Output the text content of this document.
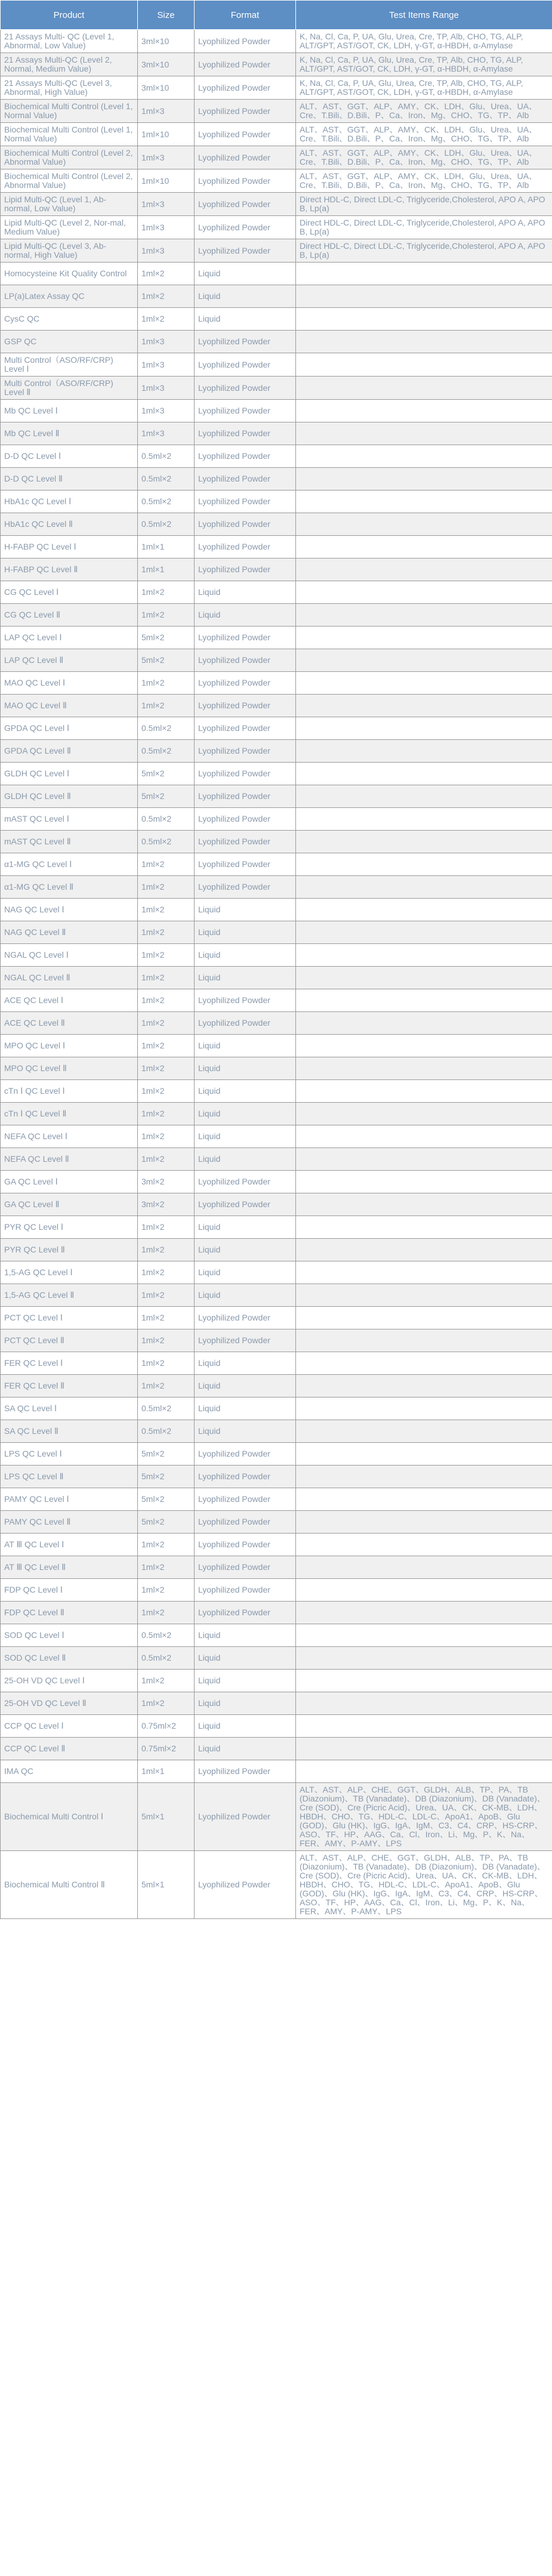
Product	Size	Format	Test Items Range
21 Assays Multi- QC (Level 1, Abnormal, Low Value)	3ml×10	Lyophilized Powder	K, Na, Cl, Ca, P, UA, Glu, Urea, Cre, TP, Alb, CHO, TG, ALP, ALT/GPT, AST/GOT, CK, LDH, γ-GT, α-HBDH, α-Amylase
21 Assays Multi-QC (Level 2, Normal, Medium Value)	3ml×10	Lyophilized Powder	K, Na, Cl, Ca, P, UA, Glu, Urea, Cre, TP, Alb, CHO, TG, ALP, ALT/GPT, AST/GOT, CK, LDH, γ-GT, α-HBDH, α-Amylase
21 Assays Multi-QC (Level 3, Abnormal, High Value)	3ml×10	Lyophilized Powder	K, Na, Cl, Ca, P, UA, Glu, Urea, Cre, TP, Alb, CHO, TG, ALP, ALT/GPT, AST/GOT, CK, LDH, γ-GT, α-HBDH, α-Amylase
Biochemical Multi Control (Level 1, Normal Value)	1ml×3	Lyophilized Powder	ALT、AST、GGT、ALP、AMY、CK、LDH、Glu、Urea、UA、Cre、T.Bili、D.Bili、P、Ca、Iron、Mg、CHO、TG、TP、Alb
Biochemical Multi Control (Level 1, Normal Value)	1ml×10	Lyophilized Powder	ALT、AST、GGT、ALP、AMY、CK、LDH、Glu、Urea、UA、Cre、T.Bili、D.Bili、P、Ca、Iron、Mg、CHO、TG、TP、Alb
Biochemical Multi Control (Level 2, Abnormal Value)	1ml×3	Lyophilized Powder	ALT、AST、GGT、ALP、AMY、CK、LDH、Glu、Urea、UA、Cre、T.Bili、D.Bili、P、Ca、Iron、Mg、CHO、TG、TP、Alb
Biochemical Multi Control (Level 2, Abnormal Value)	1ml×10	Lyophilized Powder	ALT、AST、GGT、ALP、AMY、CK、LDH、Glu、Urea、UA、Cre、T.Bili、D.Bili、P、Ca、Iron、Mg、CHO、TG、TP、Alb
Lipid Multi-QC (Level 1, Ab-normal, Low Value)	1ml×3	Lyophilized Powder	Direct HDL-C, Direct LDL-C, Triglyceride,Cholesterol, APO A, APO B, Lp(a)
Lipid Multi-QC (Level 2, Nor-mal, Medium Value)	1ml×3	Lyophilized Powder	Direct HDL-C, Direct LDL-C, Triglyceride,Cholesterol, APO A, APO B, Lp(a)
Lipid Multi-QC (Level 3, Ab-normal, High Value)	1ml×3	Lyophilized Powder	Direct HDL-C, Direct LDL-C, Triglyceride,Cholesterol, APO A, APO B, Lp(a)
Homocysteine Kit Quality Control	1ml×2	Liquid	
LP(a)Latex Assay QC	1ml×2	Liquid	
CysC QC	1ml×2	Liquid	
GSP QC	1ml×3	Lyophilized Powder	
Multi Control（ASO/RF/CRP) Level Ⅰ	1ml×3	Lyophilized Powder	
Multi Control（ASO/RF/CRP) Level Ⅱ	1ml×3	Lyophilized Powder	
Mb QC Level Ⅰ	1ml×3	Lyophilized Powder	
Mb QC Level Ⅱ	1ml×3	Lyophilized Powder	
D-D QC Level Ⅰ	0.5ml×2	Lyophilized Powder	
D-D QC Level Ⅱ	0.5ml×2	Lyophilized Powder	
HbA1c QC Level Ⅰ	0.5ml×2	Lyophilized Powder	
HbA1c QC Level Ⅱ	0.5ml×2	Lyophilized Powder	
H-FABP QC Level Ⅰ	1ml×1	Lyophilized Powder	
H-FABP QC Level Ⅱ	1ml×1	Lyophilized Powder	
CG QC Level Ⅰ	1ml×2	Liquid	
CG QC Level Ⅱ	1ml×2	Liquid	
LAP QC Level Ⅰ	5ml×2	Lyophilized Powder	
LAP QC Level Ⅱ	5ml×2	Lyophilized Powder	
MAO QC Level Ⅰ	1ml×2	Lyophilized Powder	
MAO QC Level Ⅱ	1ml×2	Lyophilized Powder	
GPDA QC Level Ⅰ	0.5ml×2	Lyophilized Powder	
GPDA QC Level Ⅱ	0.5ml×2	Lyophilized Powder	
GLDH QC Level Ⅰ	5ml×2	Lyophilized Powder	
GLDH QC Level Ⅱ	5ml×2	Lyophilized Powder	
mAST QC Level Ⅰ	0.5ml×2	Lyophilized Powder	
mAST QC Level Ⅱ	0.5ml×2	Lyophilized Powder	
α1-MG QC Level Ⅰ	1ml×2	Lyophilized Powder	
α1-MG QC Level Ⅱ	1ml×2	Lyophilized Powder	
NAG QC Level Ⅰ	1ml×2	Liquid	
NAG QC Level Ⅱ	1ml×2	Liquid	
NGAL QC Level Ⅰ	1ml×2	Liquid	
NGAL QC Level Ⅱ	1ml×2	Liquid	
ACE QC Level Ⅰ	1ml×2	Lyophilized Powder	
ACE QC Level Ⅱ	1ml×2	Lyophilized Powder	
MPO QC Level Ⅰ	1ml×2	Liquid	
MPO QC Level Ⅱ	1ml×2	Liquid	
cTn Ⅰ QC Level Ⅰ	1ml×2	Liquid	
cTn Ⅰ QC Level Ⅱ	1ml×2	Liquid	
NEFA QC Level Ⅰ	1ml×2	Liquid	
NEFA QC Level Ⅱ	1ml×2	Liquid	
GA QC Level Ⅰ	3ml×2	Lyophilized Powder	
GA QC Level Ⅱ	3ml×2	Lyophilized Powder	
PYR QC Level Ⅰ	1ml×2	Liquid	
PYR QC Level Ⅱ	1ml×2	Liquid	
1,5-AG QC Level Ⅰ	1ml×2	Liquid	
1,5-AG QC Level Ⅱ	1ml×2	Liquid	
PCT QC Level Ⅰ	1ml×2	Lyophilized Powder	
PCT QC Level Ⅱ	1ml×2	Lyophilized Powder	
FER QC Level Ⅰ	1ml×2	Liquid	
FER QC Level Ⅱ	1ml×2	Liquid	
SA QC Level Ⅰ	0.5ml×2	Liquid	
SA QC Level Ⅱ	0.5ml×2	Liquid	
LPS QC Level Ⅰ	5ml×2	Lyophilized Powder	
LPS QC Level Ⅱ	5ml×2	Lyophilized Powder	
PAMY QC Level Ⅰ	5ml×2	Lyophilized Powder	
PAMY QC Level Ⅱ	5ml×2	Lyophilized Powder	
AT Ⅲ QC Level Ⅰ	1ml×2	Lyophilized Powder	
AT Ⅲ QC Level Ⅱ	1ml×2	Lyophilized Powder	
FDP QC Level Ⅰ	1ml×2	Lyophilized Powder	
FDP QC Level Ⅱ	1ml×2	Lyophilized Powder	
SOD QC Level Ⅰ	0.5ml×2	Liquid	
SOD QC Level Ⅱ	0.5ml×2	Liquid	
25-OH VD QC Level Ⅰ	1ml×2	Liquid	
25-OH VD QC Level Ⅱ	1ml×2	Liquid	
CCP QC Level Ⅰ	0.75ml×2	Liquid	
CCP QC Level Ⅱ	0.75ml×2	Liquid	
IMA QC	1ml×1	Lyophilized Powder	
Biochemical Multi Control Ⅰ	5ml×1	Lyophilized Powder	ALT、AST、ALP、CHE、GGT、GLDH、ALB、TP、PA、TB (Diazonium)、TB (Vanadate)、DB (Diazonium)、DB (Vanadate)、Cre (SOD)、Cre (Picric Acid)、Urea、UA、CK、CK-MB、LDH、HBDH、CHO、TG、HDL-C、LDL-C、ApoA1、ApoB、Glu (GOD)、Glu (HK)、IgG、IgA、IgM、C3、C4、CRP、HS-CRP、ASO、TF、HP、AAG、Ca、Cl、Iron、Li、Mg、P、K、Na、FER、AMY、P-AMY、LPS
Biochemical Multi Control Ⅱ	5ml×1	Lyophilized Powder	ALT、AST、ALP、CHE、GGT、GLDH、ALB、TP、PA、TB (Diazonium)、TB (Vanadate)、DB (Diazonium)、DB (Vanadate)、Cre (SOD)、Cre (Picric Acid)、Urea、UA、CK、CK-MB、LDH、HBDH、CHO、TG、HDL-C、LDL-C、ApoA1、ApoB、Glu (GOD)、Glu (HK)、IgG、IgA、IgM、C3、C4、CRP、HS-CRP、ASO、TF、HP、AAG、Ca、Cl、Iron、Li、Mg、P、K、Na、FER、AMY、P-AMY、LPS
